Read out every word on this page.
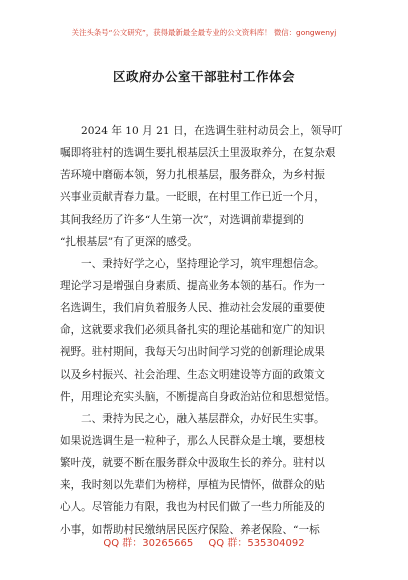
关注头条号“公文研究”，获得最新最全最专业的公文资料库！ 微信：gongwenyj
区政府办公室干部驻村工作体会
2024 年 10 月 21 日，在选调生驻村动员会上，领导叮
嘱即将驻村的选调生要扎根基层沃土里汲取养分，在复杂艰
苦环境中磨砺本领，努力扎根基层，服务群众，为乡村振
兴事业贡献青春力量。一眨眼，在村里工作已近一个月，
其间我经历了许多“人生第一次”，对选调前辈提到的
“扎根基层”有了更深的感受。
一、秉持好学之心，坚持理论学习，筑牢理想信念。
理论学习是增强自身素质、提高业务本领的基石。作为一
名选调生，我们肩负着服务人民、推动社会发展的重要使
命，这就要求我们必须具备扎实的理论基础和宽广的知识
视野。驻村期间，我每天匀出时间学习党的创新理论成果
以及乡村振兴、社会治理、生态文明建设等方面的政策文
件，用理论充实头脑，不断提高自身政治站位和思想觉悟。
二、秉持为民之心，融入基层群众，办好民生实事。
如果说选调生是一粒种子，那么人民群众是土壤，要想枝
繁叶茂，就要不断在服务群众中汲取生长的养分。驻村以
来，我时刻以先辈们为榜样，厚植为民情怀，做群众的贴
心人。尽管能力有限，我也为村民们做了一些力所能及的
小事，如帮助村民缴纳居民医疗保险、养老保险、“一标
QQ 群：30265665 QQ 群：535304092
